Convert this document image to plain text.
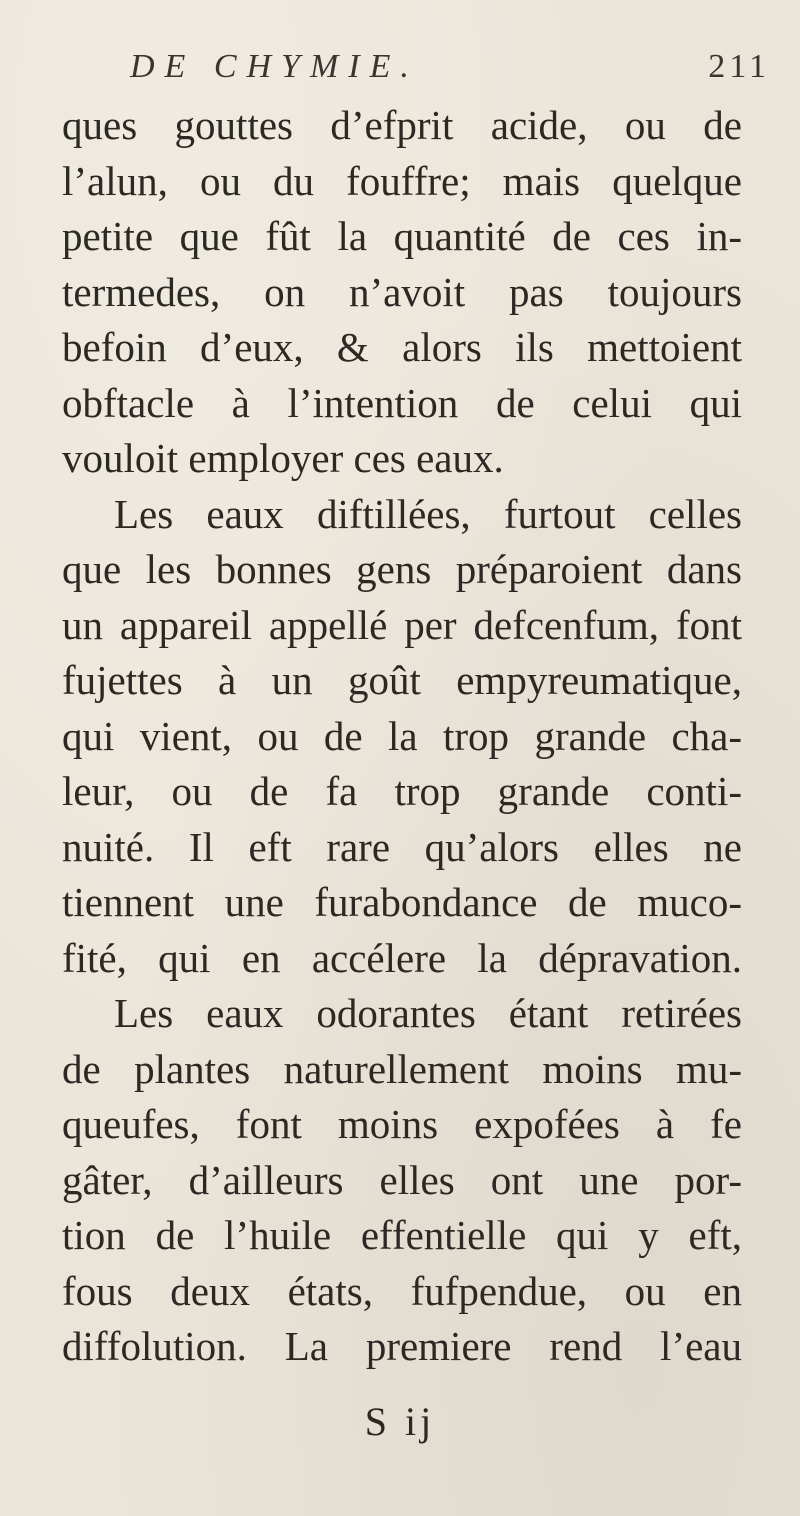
DE CHYMIE.	211
ques gouttes d’efprit acide, ou de
l’alun, ou du fouffre; mais quelque
petite que fût la quantité de ces in-
termedes, on n’avoit pas toujours
befoin d’eux, & alors ils mettoient
obftacle à l’intention de celui qui
vouloit employer ces eaux.
Les eaux diftillées, furtout celles
que les bonnes gens préparoient dans
un appareil appellé per defcenfum, font
fujettes à un goût empyreumatique,
qui vient, ou de la trop grande cha-
leur, ou de fa trop grande conti-
nuité. Il eft rare qu’alors elles ne
tiennent une furabondance de muco-
fité, qui en accélere la dépravation.
Les eaux odorantes étant retirées
de plantes naturellement moins mu-
queufes, font moins expofées à fe
gâter, d’ailleurs elles ont une por-
tion de l’huile effentielle qui y eft,
fous deux états, fufpendue, ou en
diffolution. La premiere rend l’eau
S ij
